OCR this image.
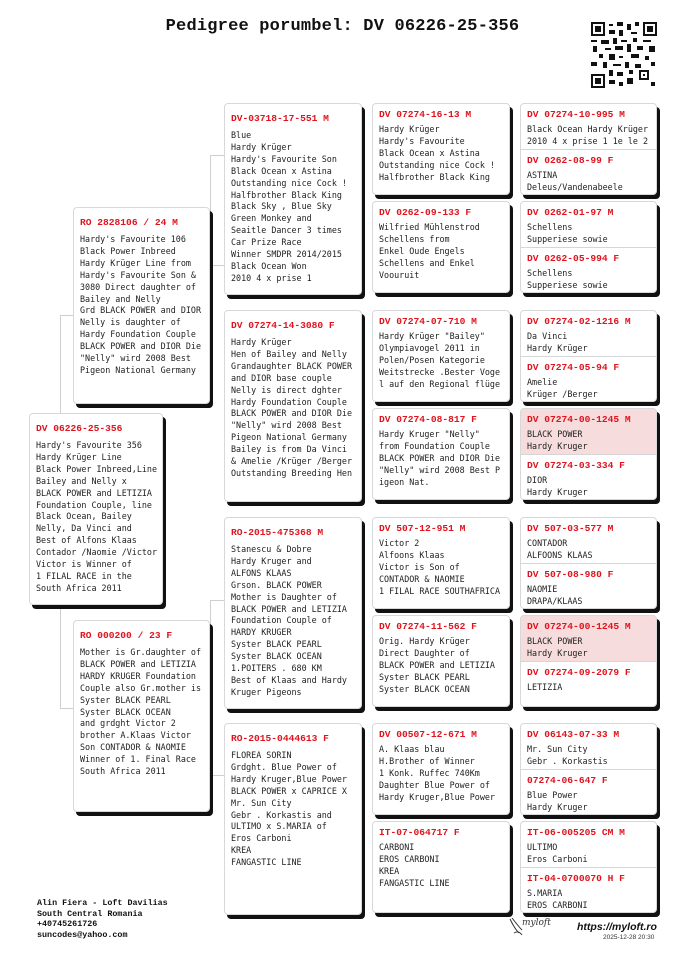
Pedigree porumbel: DV 06226-25-356
DV 06226-25-356
Hardy's Favourite 356
Hardy Krüger Line
Black Power Inbreed,Line
Bailey and Nelly x
BLACK POWER and LETIZIA
Foundation Couple, line
Black Ocean, Bailey
Nelly, Da Vinci and
Best of Alfons Klaas
Contador /Naomie /Victor
Victor is Winner of
1 FILAL RACE in the
South Africa 2011
RO 2828106 / 24 M
Hardy's Favourite 106
Black Power Inbreed
Hardy Krüger Line from
Hardy's Favourite Son &
3080 Direct daughter of
Bailey and Nelly
Grd BLACK POWER and DIOR
Nelly is daughter of
Hardy Foundation Couple
BLACK POWER and DIOR Die
"Nelly" wird 2008 Best
Pigeon National Germany
RO 000200 / 23 F
Mother is Gr.daughter of
BLACK POWER and LETIZIA
HARDY KRUGER Foundation
Couple also Gr.mother is
Syster BLACK PEARL
Syster BLACK OCEAN
and grdght Victor 2
brother A.Klaas Victor
Son CONTADOR & NAOMIE
Winner of 1. Final Race
South Africa 2011
DV-03718-17-551 M
Blue
Hardy Krüger
Hardy's Favourite Son
Black Ocean x Astina
Outstanding nice Cock !
Halfbrother Black King
Black Sky , Blue Sky
Green Monkey and
Seaitle Dancer 3 times
Car Prize Race
Winner SMDPR 2014/2015
Black Ocean Won
2010 4 x prise 1
DV 07274-14-3080 F
Hardy Krüger
Hen of Bailey and Nelly
Grandaughter BLACK POWER
and DIOR base couple
Nelly is direct dghter
Hardy Foundation Couple
BLACK POWER and DIOR Die
"Nelly" wird 2008 Best
Pigeon National Germany
Bailey is from Da Vinci
& Amelie /Krüger /Berger
Outstanding Breeding Hen
RO-2015-475368 M
Stanescu & Dobre
Hardy Kruger and
ALFONS KLAAS
Grson. BLACK POWER
Mother is Daughter of
BLACK POWER and LETIZIA
Foundation Couple of
HARDY KRUGER
Syster BLACK PEARL
Syster BLACK OCEAN
1.POITERS . 680 KM
Best of Klaas and Hardy
Kruger Pigeons
RO-2015-0444613 F
FLOREA SORIN
Grdght. Blue Power of
Hardy Kruger,Blue Power
BLACK POWER x CAPRICE X
Mr. Sun City
Gebr . Korkastis and
ULTIMO x S.MARIA of
Eros Carboni
KREA
FANGASTIC LINE
DV 07274-16-13 M
Hardy Krüger
Hardy's Favourite
Black Ocean x Astina
Outstanding nice Cock !
Halfbrother Black King
DV 0262-09-133 F
Wilfried Mühlenstrod
Schellens from
Enkel Oude Engels
Schellens and Enkel
Voouruit
DV 07274-07-710 M
Hardy Krüger "Bailey"
Olympiavogel 2011 in
Polen/Posen Kategorie
Weitstrecke .Bester Voge
l auf den Regional flüge
DV 07274-08-817 F
Hardy Kruger "Nelly"
from Foundation Couple
BLACK POWER and DIOR Die
"Nelly" wird 2008 Best P
igeon Nat.
DV 507-12-951 M
Victor 2
Alfoons Klaas
Victor is Son of
CONTADOR & NAOMIE
1 FILAL RACE SOUTHAFRICA
DV 07274-11-562 F
Orig. Hardy Krüger
Direct Daughter of
BLACK POWER and LETIZIA
Syster BLACK PEARL
Syster BLACK OCEAN
DV 00507-12-671 M
A. Klaas blau
H.Brother of Winner
1 Konk. Ruffec 740Km
Daughter Blue Power of
Hardy Kruger,Blue Power
IT-07-064717 F
CARBONI
EROS CARBONI
KREA
FANGASTIC LINE
DV 07274-10-995 M
Black Ocean Hardy Krüger
2010 4 x prise 1 1e le 2
DV 0262-08-99 F
ASTINA
Deleus/Vandenabeele
DV 0262-01-97 M
Schellens
Supperiese sowie
DV 0262-05-994 F
Schellens
Supperiese sowie
DV 07274-02-1216 M
Da Vinci
Hardy Krüger
DV 07274-05-94 F
Amelie
Krüger /Berger
DV 07274-00-1245 M
BLACK POWER
Hardy Kruger
DV 07274-03-334 F
DIOR
Hardy Kruger
DV 507-03-577 M
CONTADOR
ALFOONS KLAAS
DV 507-08-980 F
NAOMIE
DRAPA/KLAAS
DV 07274-00-1245 M
BLACK POWER
Hardy Kruger
DV 07274-09-2079 F
LETIZIA
DV 06143-07-33 M
Mr. Sun City
Gebr . Korkastis
07274-06-647 F
Blue Power
Hardy Kruger
IT-06-005205 CM M
ULTIMO
Eros Carboni
IT-04-0700070 H F
S.MARIA
EROS CARBONI
Alin Fiera - Loft Davilias
South Central Romania
+40745261726
suncodes@yahoo.com
myloft https://myloft.ro
2025-12-28 20:30
